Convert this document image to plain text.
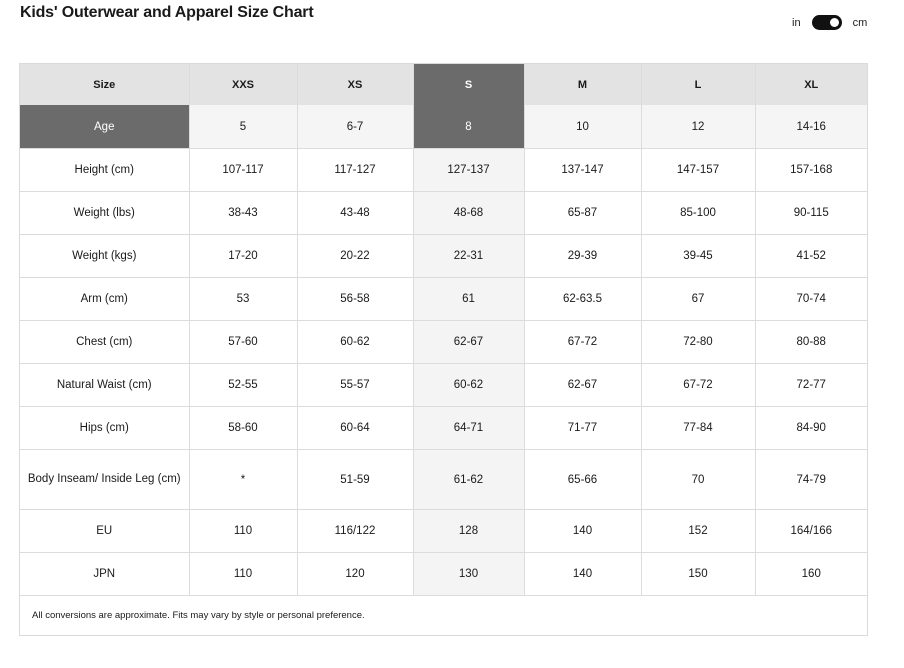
Kids' Outerwear and Apparel Size Chart
in	cm
Size	XXS	XS	S	M	L	XL
Age	5	6-7	8	10	12	14-16
Height (cm)	107-117	117-127	127-137	137-147	147-157	157-168
Weight (lbs)	38-43	43-48	48-68	65-87	85-100	90-115
Weight (kgs)	17-20	20-22	22-31	29-39	39-45	41-52
Arm (cm)	53	56-58	61	62-63.5	67	70-74
Chest (cm)	57-60	60-62	62-67	67-72	72-80	80-88
Natural Waist (cm)	52-55	55-57	60-62	62-67	67-72	72-77
Hips (cm)	58-60	60-64	64-71	71-77	77-84	84-90
Body Inseam/ Inside Leg (cm)	*	51-59	61-62	65-66	70	74-79
EU	110	116/122	128	140	152	164/166
JPN	110	120	130	140	150	160
All conversions are approximate. Fits may vary by style or personal preference.
